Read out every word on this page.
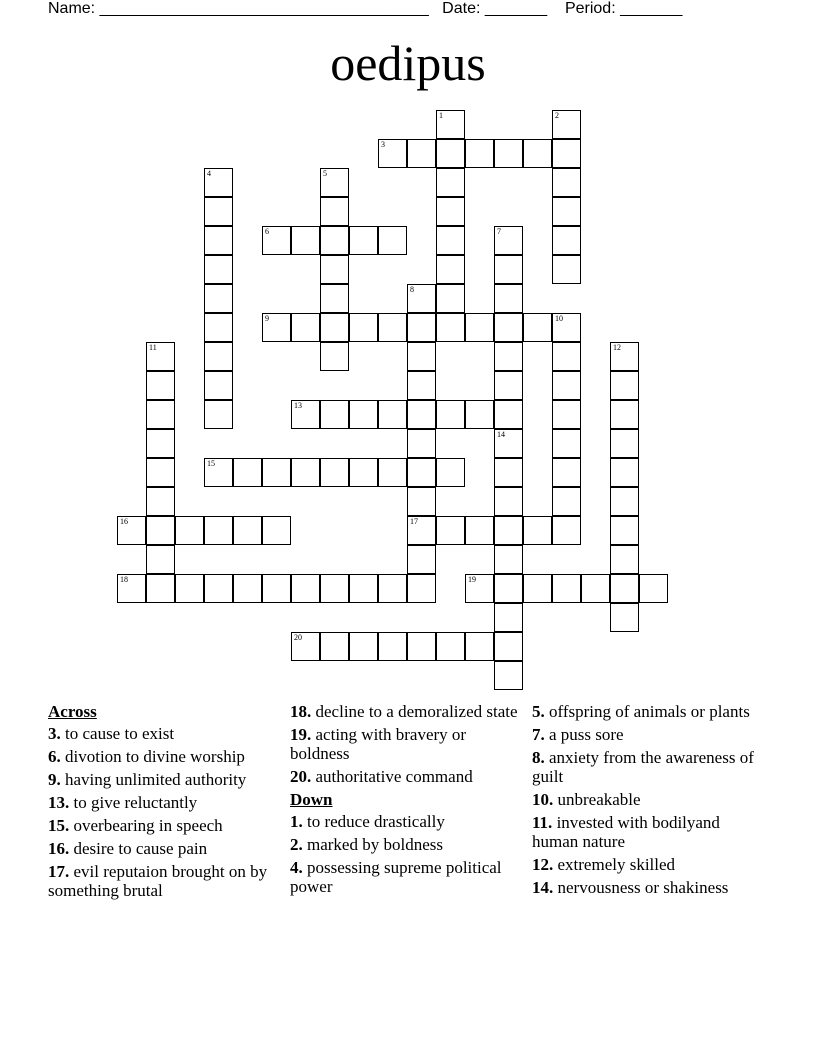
Name: _____________________________________ Date: _______ Period: _______
oedipus
1	2
3
4	5
6	7
8
17
9	10
11	12
13
14
15
16
18	19
20
Across
3. to cause to exist
6. divotion to divine worship
9. having unlimited authority
13. to give reluctantly
15. overbearing in speech
16. desire to cause pain
17. evil reputaion brought on by something brutal
18. decline to a demoralized state
19. acting with bravery or boldness
20. authoritative command
Down
1. to reduce drastically
2. marked by boldness
4. possessing supreme political power
5. offspring of animals or plants
7. a puss sore
8. anxiety from the awareness of guilt
10. unbreakable
11. invested with bodilyand human nature
12. extremely skilled
14. nervousness or shakiness
